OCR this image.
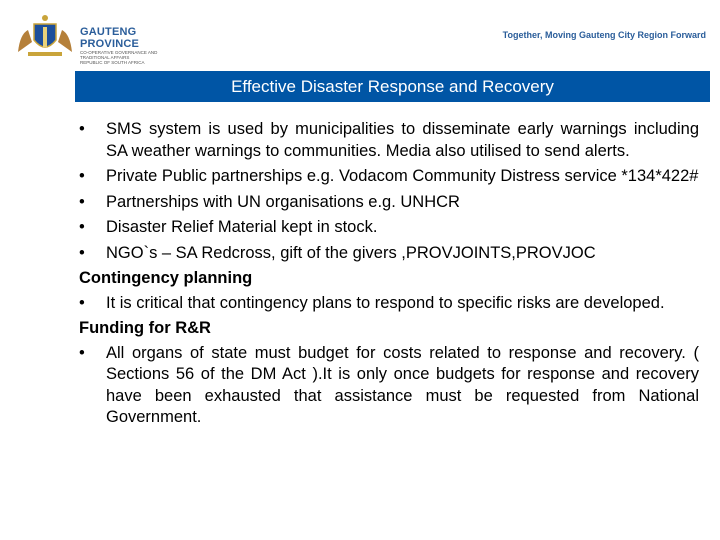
GAUTENG PROVINCE
CO-OPERATIVE GOVERNANCE AND
TRADITIONAL AFFAIRS
REPUBLIC OF SOUTH AFRICA
Together, Moving Gauteng City Region Forward
Effective Disaster Response and Recovery
• SMS system is used by municipalities to disseminate early warnings including SA weather warnings to communities. Media also utilised to send alerts.
• Private Public partnerships e.g. Vodacom Community Distress service *134*422#
• Partnerships with UN organisations e.g. UNHCR
• Disaster Relief Material kept in stock.
• NGO`s – SA Redcross, gift of the givers ,PROVJOINTS,PROVJOC
Contingency planning
• It is critical that contingency plans to respond to specific risks are developed.
Funding for R&R
• All organs of state must budget for costs related to response and recovery. ( Sections 56 of the DM Act ).It is only once budgets for response and recovery have been exhausted that assistance must be requested from National Government.
